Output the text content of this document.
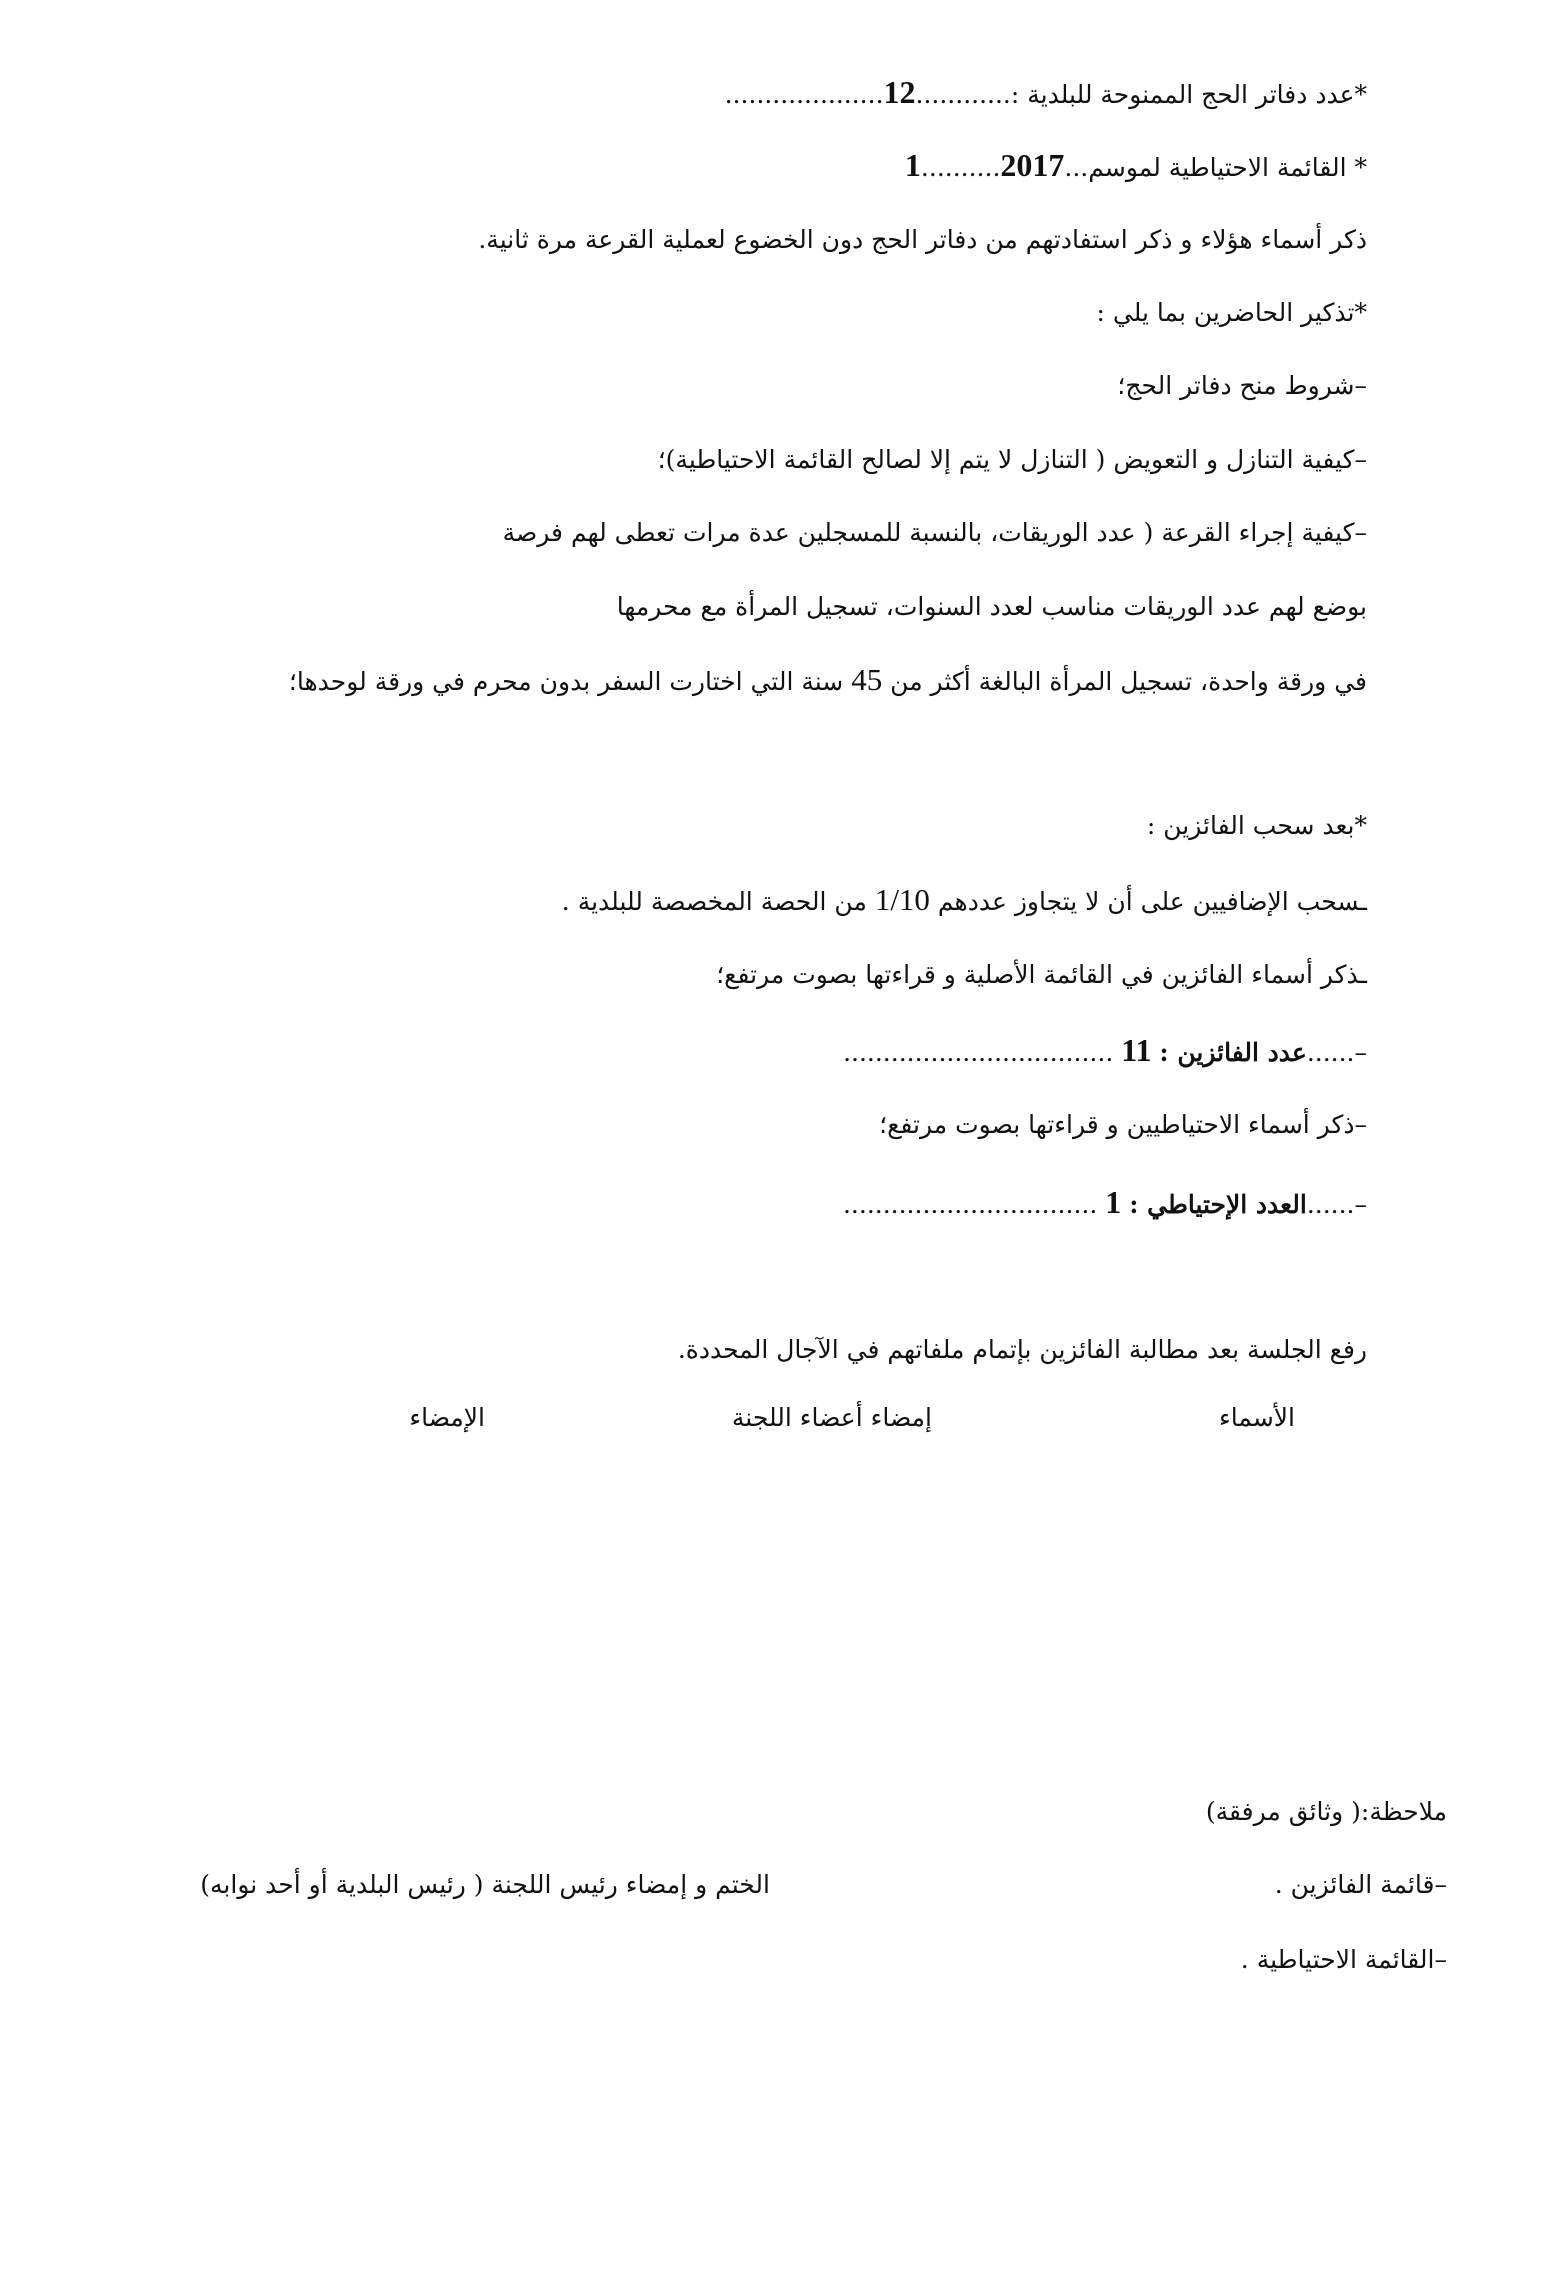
*عدد دفاتر الحج الممنوحة للبلدية :............12....................
* القائمة الاحتياطية لموسم...2017..........1
ذكر أسماء هؤلاء و ذكر استفادتهم من دفاتر الحج دون الخضوع لعملية القرعة مرة ثانية.
*تذكير الحاضرين بما يلي :
–شروط منح دفاتر الحج؛
–كيفية التنازل و التعويض ( التنازل لا يتم إلا لصالح القائمة الاحتياطية)؛
–كيفية إجراء القرعة ( عدد الوريقات، بالنسبة للمسجلين عدة مرات تعطى لهم فرصة
بوضع لهم عدد الوريقات مناسب لعدد السنوات، تسجيل المرأة مع محرمها
في ورقة واحدة، تسجيل المرأة البالغة أكثر من 45 سنة التي اختارت السفر بدون محرم في ورقة لوحدها؛
*بعد سحب الفائزين :
ـسحب الإضافيين على أن لا يتجاوز عددهم 1/10 من الحصة المخصصة للبلدية .
ـذكر أسماء الفائزين في القائمة الأصلية و قراءتها بصوت مرتفع؛
–......عدد الفائزين : 11 ..................................
–ذكر أسماء الاحتياطيين و قراءتها بصوت مرتفع؛
–......العدد الإحتياطي : 1 ................................
رفع الجلسة بعد مطالبة الفائزين بإتمام ملفاتهم في الآجال المحددة.
الأسماء
إمضاء أعضاء اللجنة
الإمضاء
ملاحظة:( وثائق مرفقة)
–قائمة الفائزين .
الختم و إمضاء رئيس اللجنة ( رئيس البلدية أو أحد نوابه)
–القائمة الاحتياطية .
